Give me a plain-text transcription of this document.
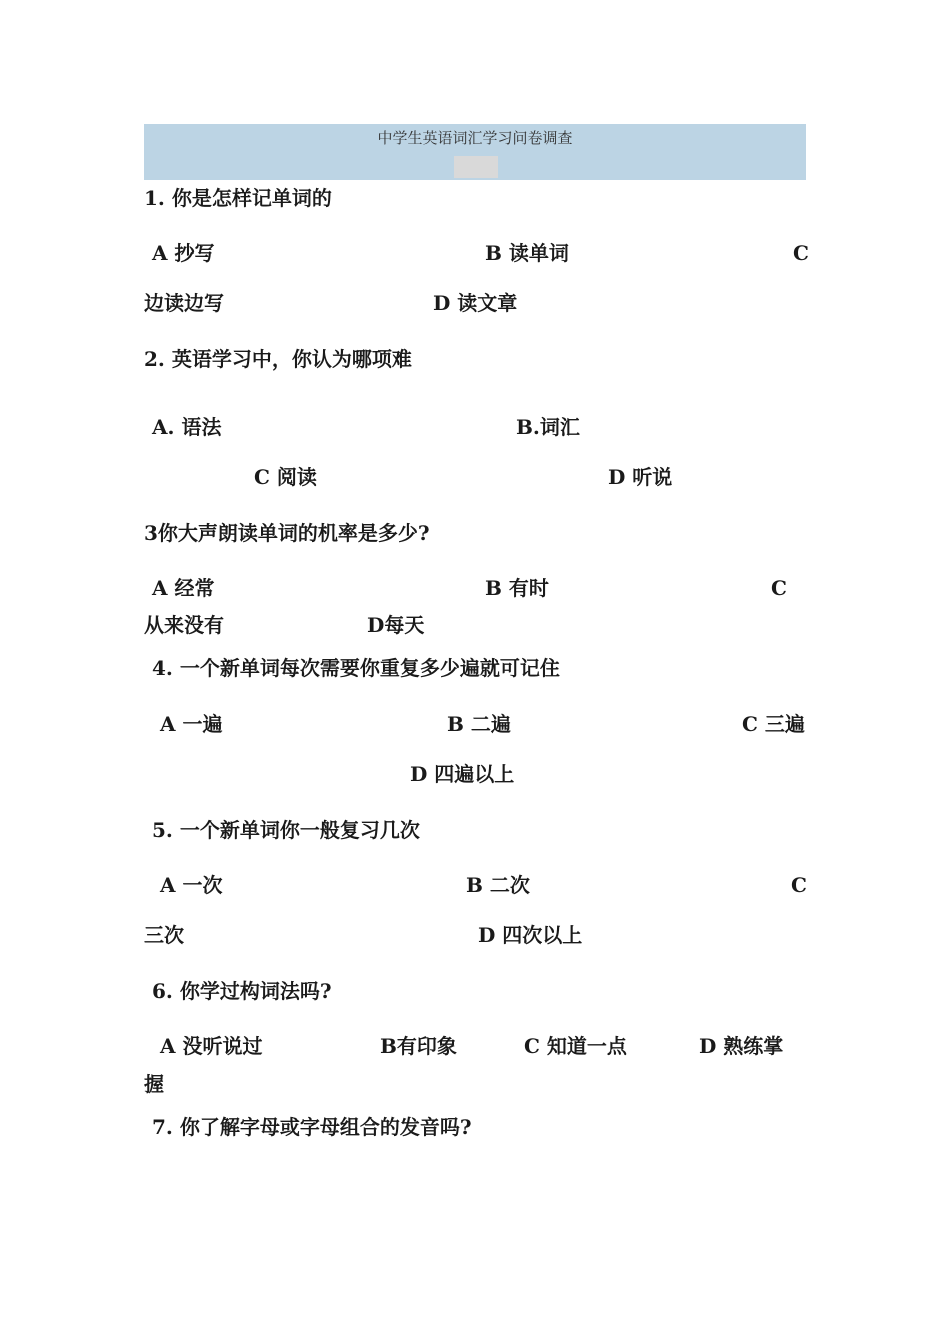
中学生英语词汇学习问卷调查
1. 你是怎样记单词的
A 抄写	B 读单词	C
边读边写	D 读文章
2. 英语学习中，你认为哪项难
A. 语法	B.词汇
C 阅读	D 听说
3你大声朗读单词的机率是多少?
A 经常	B 有时	C
从来没有	D每天
4. 一个新单词每次需要你重复多少遍就可记住
A 一遍	B 二遍	C 三遍
D 四遍以上
5. 一个新单词你一般复习几次
A 一次	B 二次	C
三次	D 四次以上
6. 你学过构词法吗?
A 没听说过	B有印象	C 知道一点	D 熟练掌
握
7. 你了解字母或字母组合的发音吗?
